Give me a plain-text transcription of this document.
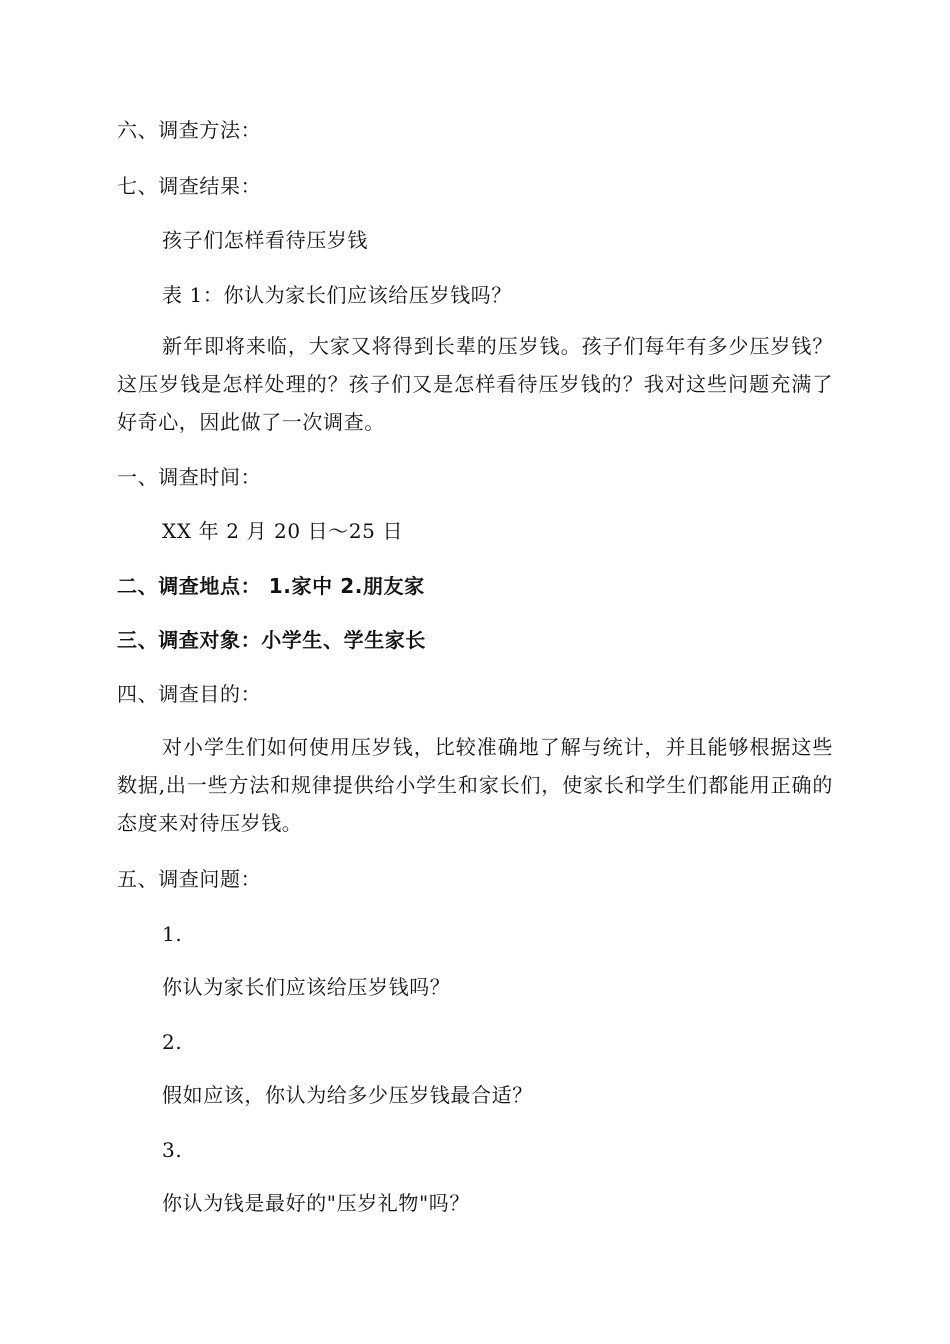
六、调查方法：
七、调查结果：
孩子们怎样看待压岁钱
表 1：你认为家长们应该给压岁钱吗？
新年即将来临，大家又将得到长辈的压岁钱。孩子们每年有多少压岁钱？这压岁钱是怎样处理的？孩子们又是怎样看待压岁钱的？我对这些问题充满了好奇心，因此做了一次调查。
一、调查时间：
XX 年 2 月 20 日～25 日
二、调查地点： 1.家中 2.朋友家
三、调查对象：小学生、学生家长
四、调查目的：
对小学生们如何使用压岁钱，比较准确地了解与统计，并且能够根据这些数据,出一些方法和规律提供给小学生和家长们，使家长和学生们都能用正确的态度来对待压岁钱。
五、调查问题：
1.
你认为家长们应该给压岁钱吗？
2.
假如应该，你认为给多少压岁钱最合适？
3.
你认为钱是最好的"压岁礼物"吗？
